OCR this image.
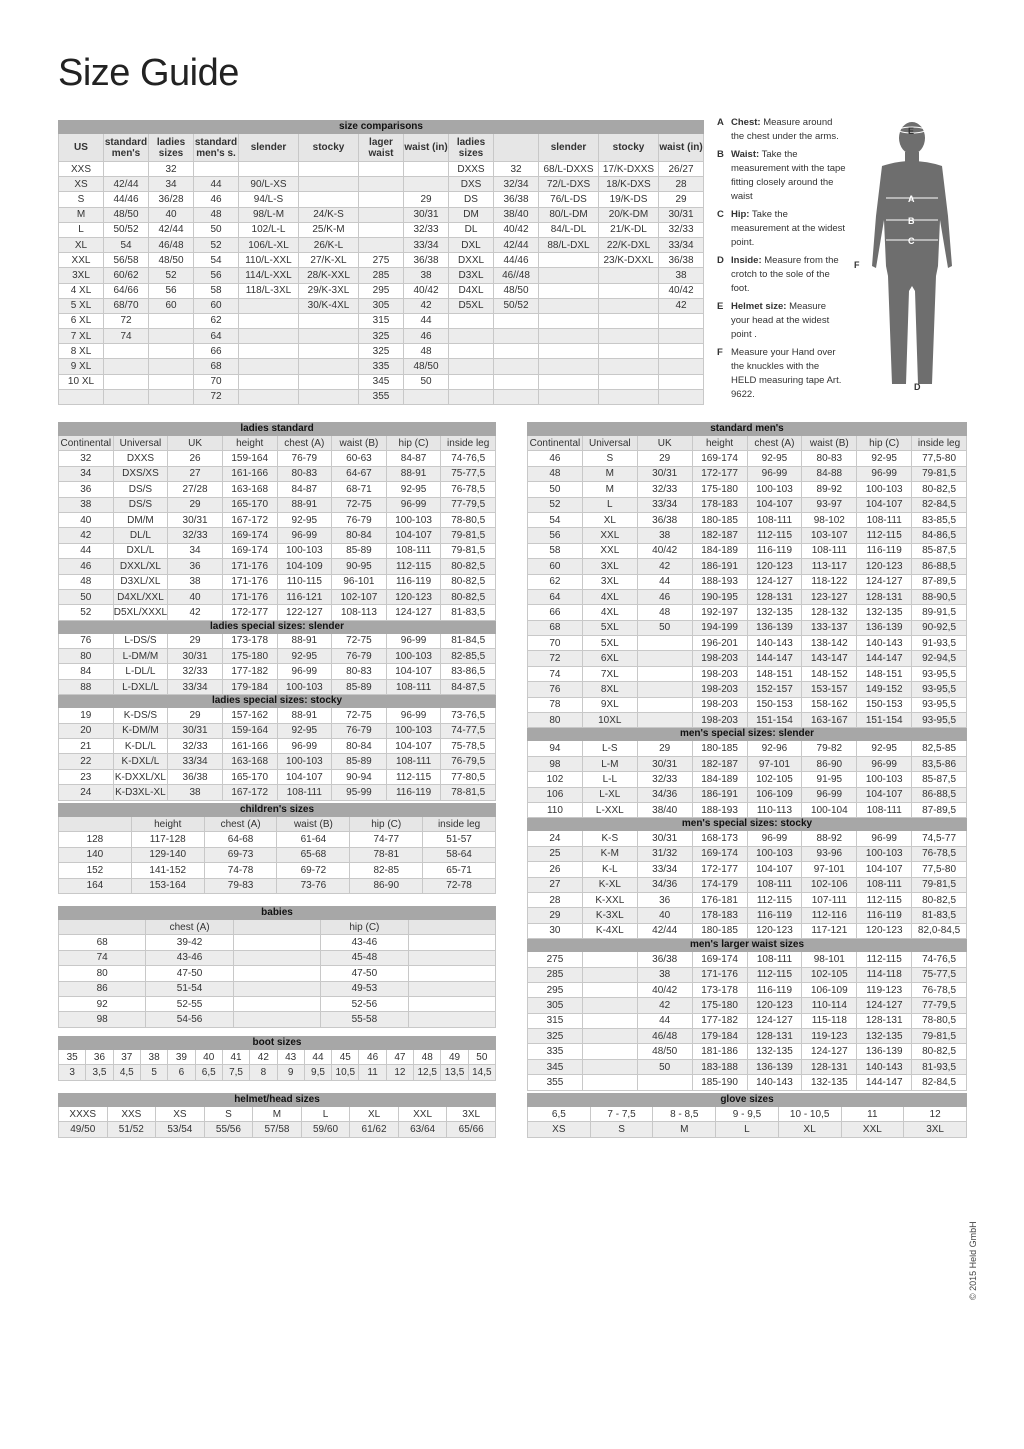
Size Guide
size comparisons												
US	standard men's	ladies sizes	standard men's s.	slender	stocky	lager waist	waist (in)	ladies sizes		slender	stocky	waist (in)
XXS		32						DXXS	32	68/L-DXXS	17/K-DXXS	26/27
XS	42/44	34	44	90/L-XS				DXS	32/34	72/L-DXS	18/K-DXS	28
S	44/46	36/28	46	94/L-S			29	DS	36/38	76/L-DS	19/K-DS	29
M	48/50	40	48	98/L-M	24/K-S		30/31	DM	38/40	80/L-DM	20/K-DM	30/31
L	50/52	42/44	50	102/L-L	25/K-M		32/33	DL	40/42	84/L-DL	21/K-DL	32/33
XL	54	46/48	52	106/L-XL	26/K-L		33/34	DXL	42/44	88/L-DXL	22/K-DXL	33/34
XXL	56/58	48/50	54	110/L-XXL	27/K-XL	275	36/38	DXXL	44/46		23/K-DXXL	36/38
3XL	60/62	52	56	114/L-XXL	28/K-XXL	285	38	D3XL	46//48			38
4 XL	64/66	56	58	118/L-3XL	29/K-3XL	295	40/42	D4XL	48/50			40/42
5 XL	68/70	60	60		30/K-4XL	305	42	D5XL	50/52			42
6 XL	72		62			315	44					
7 XL	74		64			325	46					
8 XL			66			325	48					
9 XL			68			335	48/50					
10 XL			70			345	50					
			72			355						
A Chest: Measure around the chest under the arms.
B Waist: Take the measurement with the tape fitting closely around the waist
C Hip: Take the measurement at the widest point.
D Inside: Measure from the crotch to the sole of the foot.
E Helmet size: Measure your head at the widest point .
F Measure your Hand over the knuckles with the HELD measuring tape Art. 9622.
E
A
B
C
D
F
ladies standard							
Continental	Universal	UK	height	chest (A)	waist (B)	hip (C)	inside leg
32	DXXS	26	159-164	76-79	60-63	84-87	74-76,5
34	DXS/XS	27	161-166	80-83	64-67	88-91	75-77,5
36	DS/S	27/28	163-168	84-87	68-71	92-95	76-78,5
38	DS/S	29	165-170	88-91	72-75	96-99	77-79,5
40	DM/M	30/31	167-172	92-95	76-79	100-103	78-80,5
42	DL/L	32/33	169-174	96-99	80-84	104-107	79-81,5
44	DXL/L	34	169-174	100-103	85-89	108-111	79-81,5
46	DXXL/XL	36	171-176	104-109	90-95	112-115	80-82,5
48	D3XL/XL	38	171-176	110-115	96-101	116-119	80-82,5
50	D4XL/XXL	40	171-176	116-121	102-107	120-123	80-82,5
52	D5XL/XXXL	42	172-177	122-127	108-113	124-127	81-83,5
ladies special sizes: slender							
76	L-DS/S	29	173-178	88-91	72-75	96-99	81-84,5
80	L-DM/M	30/31	175-180	92-95	76-79	100-103	82-85,5
84	L-DL/L	32/33	177-182	96-99	80-83	104-107	83-86,5
88	L-DXL/L	33/34	179-184	100-103	85-89	108-111	84-87,5
ladies special sizes: stocky							
19	K-DS/S	29	157-162	88-91	72-75	96-99	73-76,5
20	K-DM/M	30/31	159-164	92-95	76-79	100-103	74-77,5
21	K-DL/L	32/33	161-166	96-99	80-84	104-107	75-78,5
22	K-DXL/L	33/34	163-168	100-103	85-89	108-111	76-79,5
23	K-DXXL/XL	36/38	165-170	104-107	90-94	112-115	77-80,5
24	K-D3XL-XL	38	167-172	108-111	95-99	116-119	78-81,5
standard men's							
Continental	Universal	UK	height	chest (A)	waist (B)	hip (C)	inside leg
46	S	29	169-174	92-95	80-83	92-95	77,5-80
48	M	30/31	172-177	96-99	84-88	96-99	79-81,5
50	M	32/33	175-180	100-103	89-92	100-103	80-82,5
52	L	33/34	178-183	104-107	93-97	104-107	82-84,5
54	XL	36/38	180-185	108-111	98-102	108-111	83-85,5
56	XXL	38	182-187	112-115	103-107	112-115	84-86,5
58	XXL	40/42	184-189	116-119	108-111	116-119	85-87,5
60	3XL	42	186-191	120-123	113-117	120-123	86-88,5
62	3XL	44	188-193	124-127	118-122	124-127	87-89,5
64	4XL	46	190-195	128-131	123-127	128-131	88-90,5
66	4XL	48	192-197	132-135	128-132	132-135	89-91,5
68	5XL	50	194-199	136-139	133-137	136-139	90-92,5
70	5XL		196-201	140-143	138-142	140-143	91-93,5
72	6XL		198-203	144-147	143-147	144-147	92-94,5
74	7XL		198-203	148-151	148-152	148-151	93-95,5
76	8XL		198-203	152-157	153-157	149-152	93-95,5
78	9XL		198-203	150-153	158-162	150-153	93-95,5
80	10XL		198-203	151-154	163-167	151-154	93-95,5
men's special sizes: slender							
94	L-S	29	180-185	92-96	79-82	92-95	82,5-85
98	L-M	30/31	182-187	97-101	86-90	96-99	83,5-86
102	L-L	32/33	184-189	102-105	91-95	100-103	85-87,5
106	L-XL	34/36	186-191	106-109	96-99	104-107	86-88,5
110	L-XXL	38/40	188-193	110-113	100-104	108-111	87-89,5
men's special sizes: stocky							
24	K-S	30/31	168-173	96-99	88-92	96-99	74,5-77
25	K-M	31/32	169-174	100-103	93-96	100-103	76-78,5
26	K-L	33/34	172-177	104-107	97-101	104-107	77,5-80
27	K-XL	34/36	174-179	108-111	102-106	108-111	79-81,5
28	K-XXL	36	176-181	112-115	107-111	112-115	80-82,5
29	K-3XL	40	178-183	116-119	112-116	116-119	81-83,5
30	K-4XL	42/44	180-185	120-123	117-121	120-123	82,0-84,5
men's larger waist sizes							
275		36/38	169-174	108-111	98-101	112-115	74-76,5
285		38	171-176	112-115	102-105	114-118	75-77,5
295		40/42	173-178	116-119	106-109	119-123	76-78,5
305		42	175-180	120-123	110-114	124-127	77-79,5
315		44	177-182	124-127	115-118	128-131	78-80,5
325		46/48	179-184	128-131	119-123	132-135	79-81,5
335		48/50	181-186	132-135	124-127	136-139	80-82,5
345		50	183-188	136-139	128-131	140-143	81-93,5
355			185-190	140-143	132-135	144-147	82-84,5
children's sizes					
	height	chest (A)	waist (B)	hip (C)	inside leg
128	117-128	64-68	61-64	74-77	51-57
140	129-140	69-73	65-68	78-81	58-64
152	141-152	74-78	69-72	82-85	65-71
164	153-164	79-83	73-76	86-90	72-78
babies				
	chest (A)		hip (C)	
68	39-42		43-46	
74	43-46		45-48	
80	47-50		47-50	
86	51-54		49-53	
92	52-55		52-56	
98	54-56		55-58	
boot sizes															
35	36	37	38	39	40	41	42	43	44	45	46	47	48	49	50
3	3,5	4,5	5	6	6,5	7,5	8	9	9,5	10,5	11	12	12,5	13,5	14,5
helmet/head sizes								
XXXS	XXS	XS	S	M	L	XL	XXL	3XL
49/50	51/52	53/54	55/56	57/58	59/60	61/62	63/64	65/66
glove sizes						
6,5	7 - 7,5	8 - 8,5	9 - 9,5	10 - 10,5	11	12
XS	S	M	L	XL	XXL	3XL
© 2015 Held GmbH
